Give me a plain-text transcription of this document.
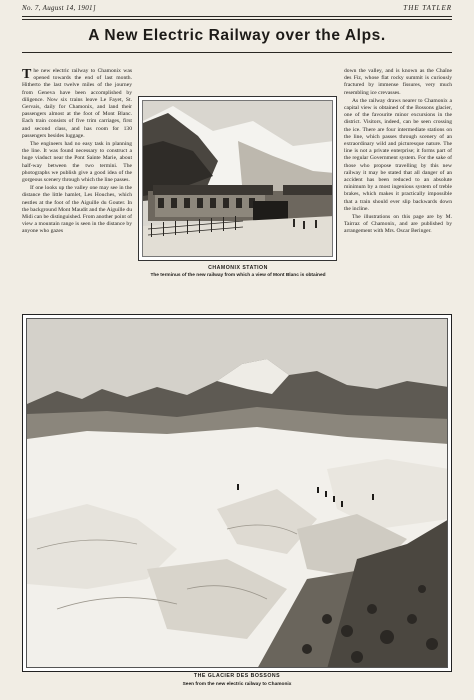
No. 7, August 14, 1901]	THE TATLER
A New Electric Railway over the Alps.

The new electric railway to Chamonix was opened towards the end of last month. Hitherto the last twelve miles of the journey from Geneva have been accomplished by diligence. Now six trains leave Le Fayet, St. Gervais, daily for Chamonix, and land their passengers almost at the foot of Mont Blanc. Each train consists of five trim carriages, first and second class, and has room for 130 passengers besides luggage.

The engineers had no easy task in planning the line. It was found necessary to construct a huge viaduct near the Pont Sainte Marie, about half-way between the two termini. The photographs we publish give a good idea of the gorgeous scenery through which the line passes.

If one looks up the valley one may see in the distance the little hamlet, Les Houches, which nestles at the foot of the Aiguille du Gouter. In the background Mont Maudit and the Aiguille du Midi can be distinguished. From another point of view a mountain range is seen in the distance by anyone who gazes

down the valley, and is known as the Chaîne des Fiz, whose flat rocky summit is curiously fractured by immense fissures, very much resembling ice crevasses.

As the railway draws nearer to Chamonix a capital view is obtained of the Bossons glacier, one of the favourite minor excursions in the district. Visitors, indeed, can be seen crossing the ice. There are four intermediate stations on the line, which passes through scenery of an extraordinary wild and picturesque nature. The line is not a private enterprise; it forms part of the regular Government system. For the sake of those who propose travelling by this new railway it may be stated that all danger of an accident has been reduced to an absolute minimum by a most ingenious system of treble brakes, which makes it practically impossible that a train should ever slip backwards down the incline.

The illustrations on this page are by M. Tairraz of Chamonix, and are published by arrangement with Mrs. Oscar Beringer.

CHAMONIX STATION
The terminus of the new railway from which a view of Mont Blanc is obtained
THE GLACIER DES BOSSONS
Seen from the new electric railway to Chamonix
